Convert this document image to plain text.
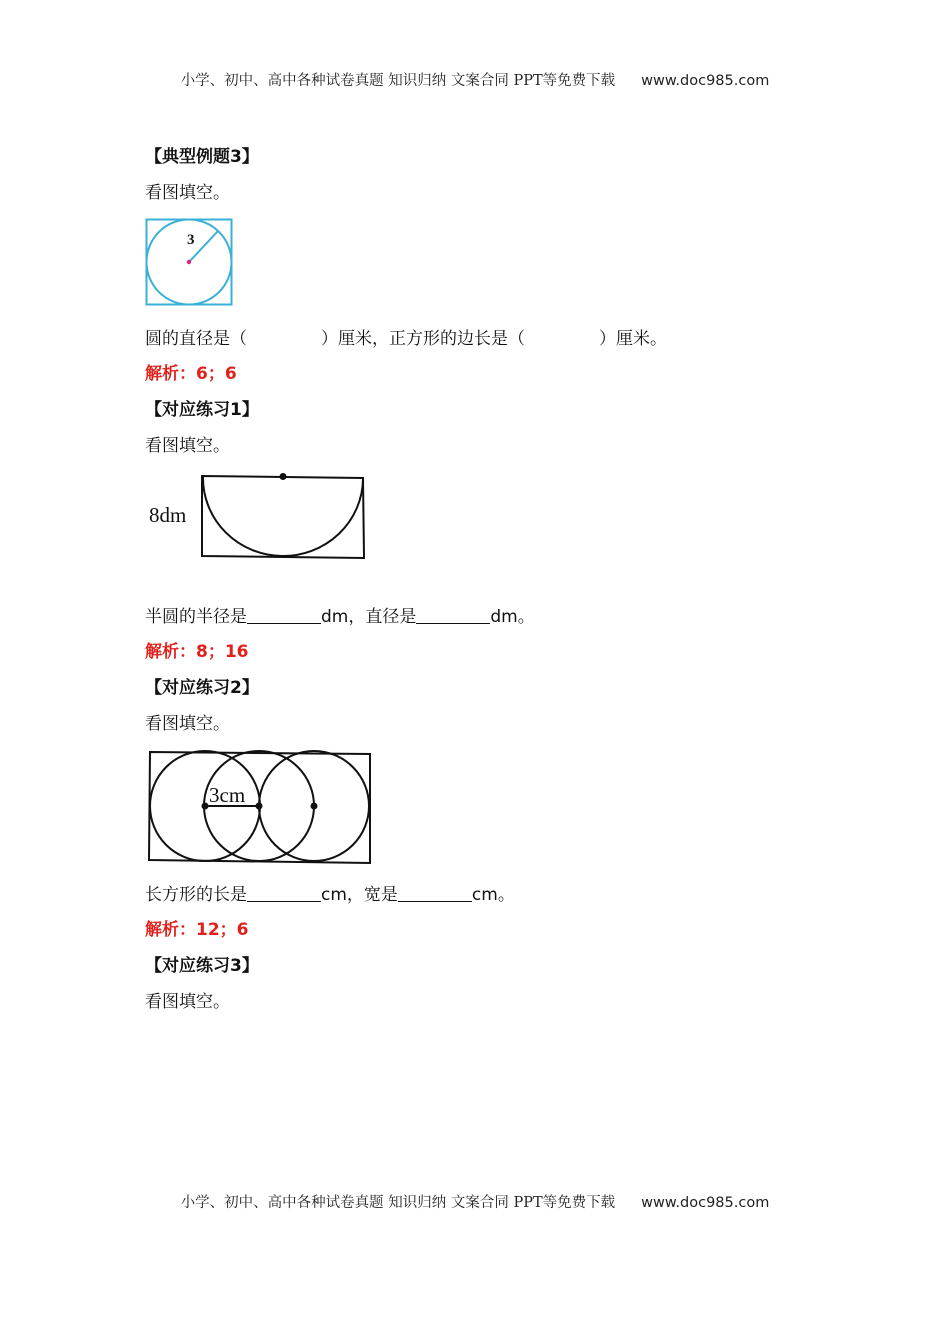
小学、初中、高中各种试卷真题 知识归纳 文案合同 PPT等免费下载 www.doc985.com
【典型例题3】
看图填空。
3
圆的直径是（	）厘米，正方形的边长是（	）厘米。
解析：6；6
【对应练习1】
看图填空。
8dm
半圆的半径是	dm，直径是	dm。
解析：8；16
【对应练习2】
看图填空。
3cm
长方形的长是	cm，宽是	cm。
解析：12；6
【对应练习3】
看图填空。
小学、初中、高中各种试卷真题 知识归纳 文案合同 PPT等免费下载 www.doc985.com
